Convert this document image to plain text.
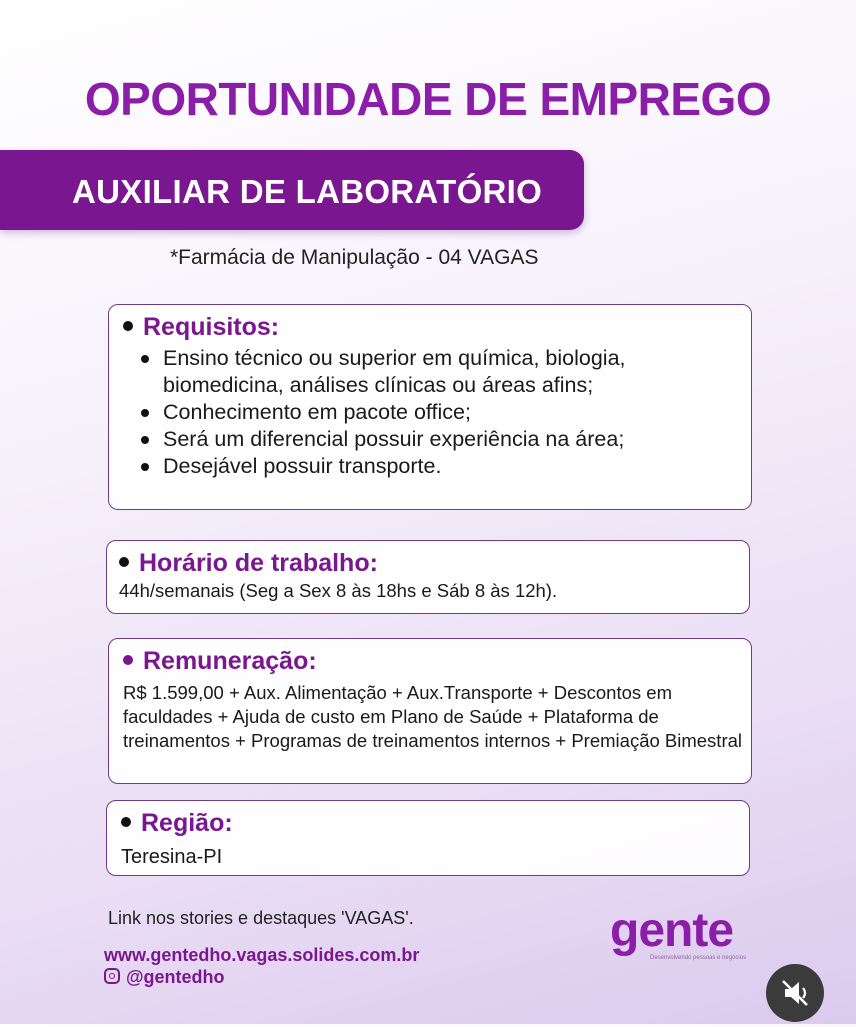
OPORTUNIDADE DE EMPREGO
AUXILIAR DE LABORATÓRIO
*Farmácia de Manipulação - 04 VAGAS
Requisitos:
Ensino técnico ou superior em química, biologia, biomedicina, análises clínicas ou áreas afins;
Conhecimento em pacote office;
Será um diferencial possuir experiência na área;
Desejável possuir transporte.
Horário de trabalho:
44h/semanais (Seg a Sex 8 às 18hs e Sáb 8 às 12h).
Remuneração:
R$ 1.599,00 + Aux. Alimentação + Aux.Transporte + Descontos em faculdades + Ajuda de custo em Plano de Saúde + Plataforma de treinamentos + Programas de treinamentos internos + Premiação Bimestral
Região:
Teresina-PI
Link nos stories e destaques 'VAGAS'.
www.gentedho.vagas.solides.com.br
@gentedho
gente
Desenvolvendo pessoas e negócios
